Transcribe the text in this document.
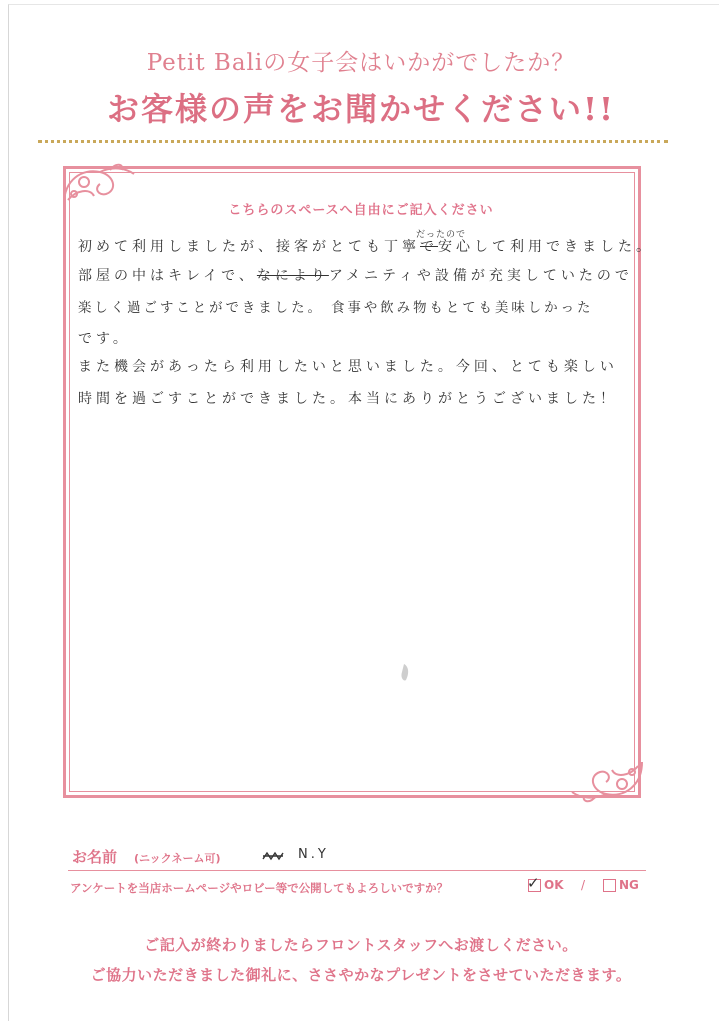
Petit Baliの女子会はいかがでしたか？
お客様の声をお聞かせください!!
こちらのスペースへ自由にご記入ください
だったので
初めて利用しましたが、接客がとても丁寧で安心して利用できました。
部屋の中はキレイで、なによりアメニティや設備が充実していたので
楽しく過ごすことができました。 食事や飲み物もとても美味しかった
です。
また機会があったら利用したいと思いました。今回、とても楽しい
時間を過ごすことができました。本当にありがとうございました！
お名前 (ニックネーム可)	N.Y
アンケートを当店ホームページやロビー等で公開してもよろしいですか？	✓ OK /	NG
ご記入が終わりましたらフロントスタッフへお渡しください。
ご協力いただきました御礼に、ささやかなプレゼントをさせていただきます。
